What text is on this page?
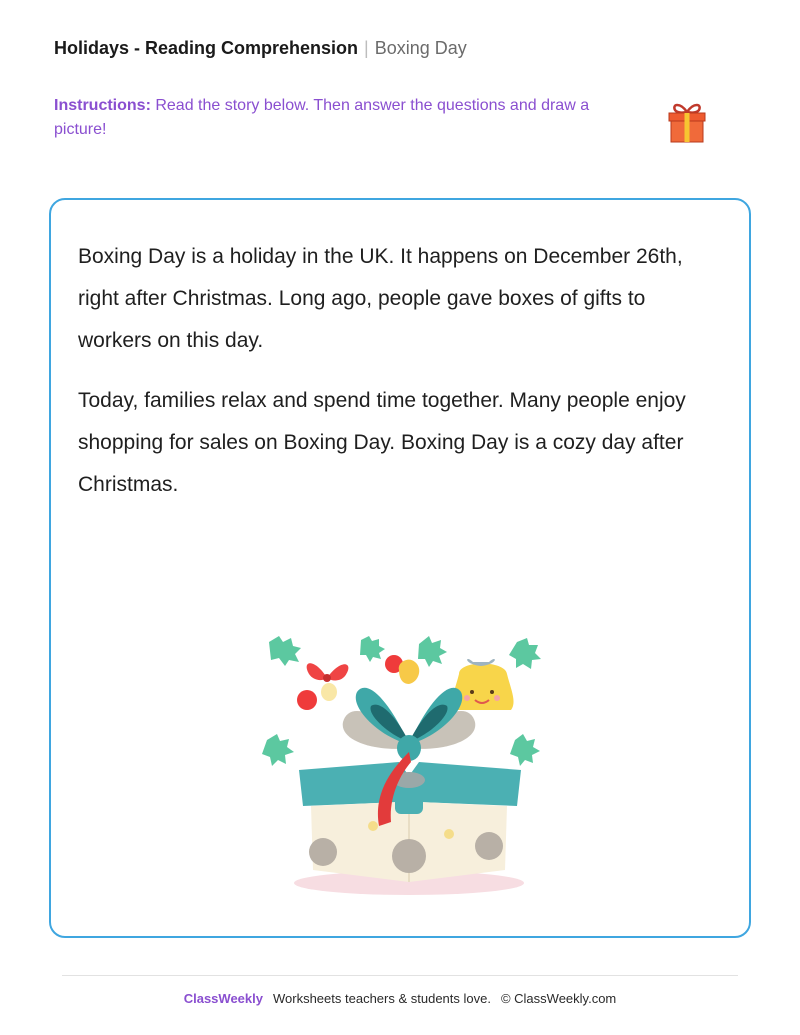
Holidays - Reading Comprehension | Boxing Day
Instructions: Read the story below. Then answer the questions and draw a picture!

Boxing Day is a holiday in the UK. It happens on December 26th, right after Christmas. Long ago, people gave boxes of gifts to workers on this day.

Today, families relax and spend time together. Many people enjoy shopping for sales on Boxing Day. Boxing Day is a cozy day after Christmas.

ClassWeekly Worksheets teachers & students love. © ClassWeekly.com
